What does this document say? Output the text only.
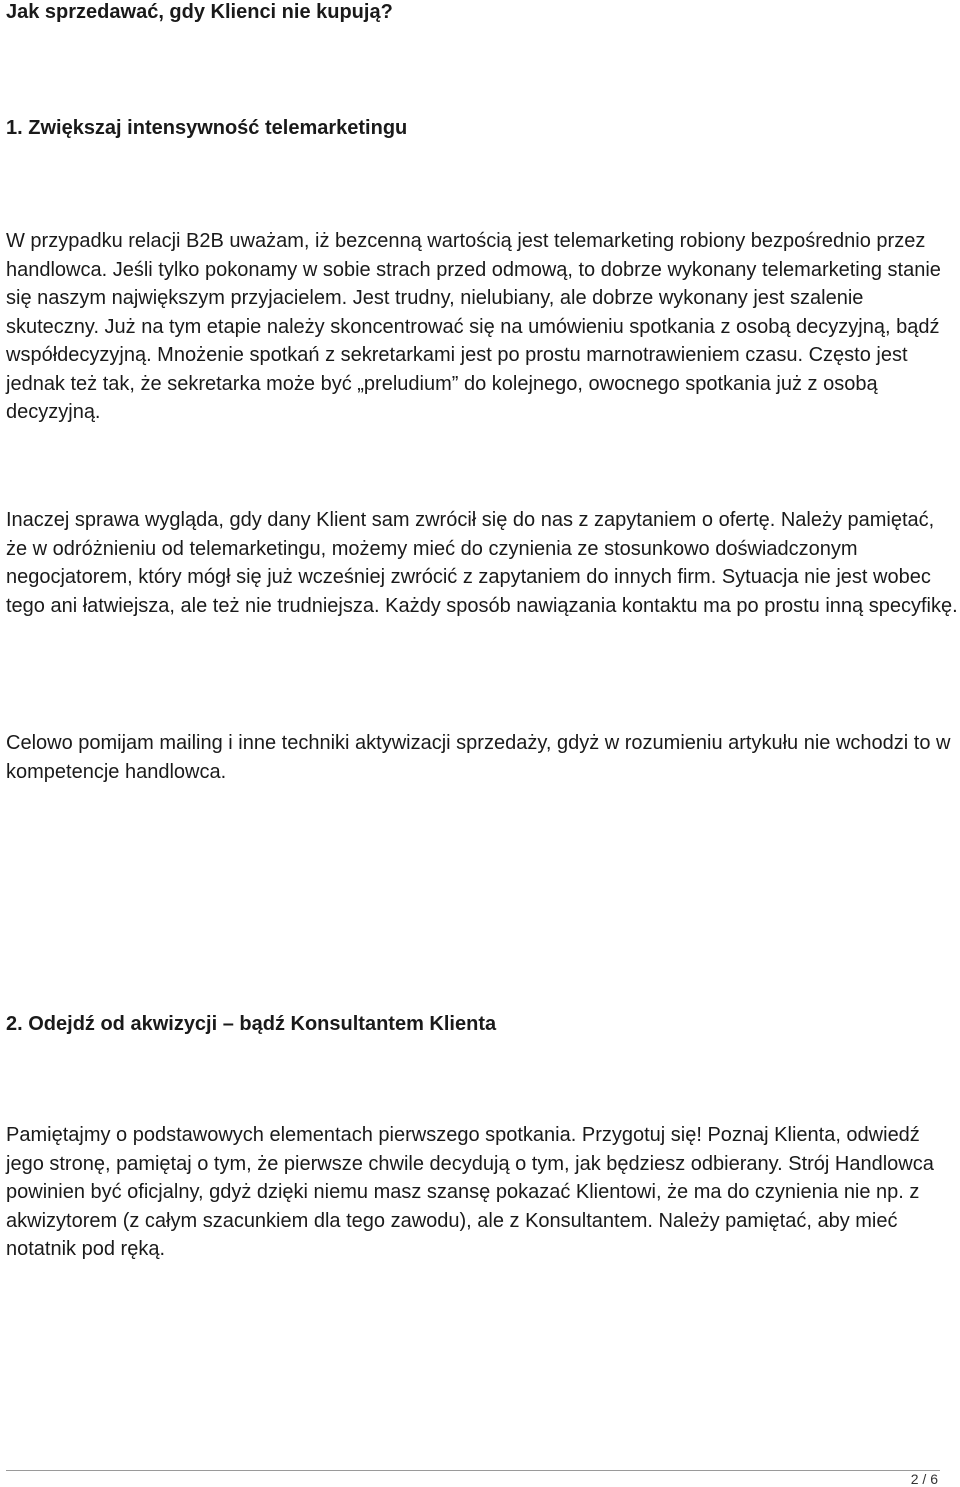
Jak sprzedawać, gdy Klienci nie kupują?
1. Zwiększaj intensywność telemarketingu

W przypadku relacji B2B uważam, iż bezcenną wartością jest telemarketing robiony bezpośrednio przez handlowca. Jeśli tylko pokonamy w sobie strach przed odmową, to dobrze wykonany telemarketing stanie się naszym największym przyjacielem. Jest trudny, nielubiany, ale dobrze wykonany jest szalenie skuteczny. Już na tym etapie należy skoncentrować się na umówieniu spotkania z osobą decyzyjną, bądź współdecyzyjną. Mnożenie spotkań z sekretarkami jest po prostu marnotrawieniem czasu. Często jest jednak też tak, że sekretarka może być „preludium” do kolejnego, owocnego spotkania już z osobą decyzyjną.

Inaczej sprawa wygląda, gdy dany Klient sam zwrócił się do nas z zapytaniem o ofertę. Należy pamiętać, że w odróżnieniu od telemarketingu, możemy mieć do czynienia ze stosunkowo doświadczonym negocjatorem, który mógł się już wcześniej zwrócić z zapytaniem do innych firm. Sytuacja nie jest wobec tego ani łatwiejsza, ale też nie trudniejsza. Każdy sposób nawiązania kontaktu ma po prostu inną specyfikę.

Celowo pomijam mailing i inne techniki aktywizacji sprzedaży, gdyż w rozumieniu artykułu nie wchodzi to w kompetencje handlowca.

2. Odejdź od akwizycji – bądź Konsultantem Klienta

Pamiętajmy o podstawowych elementach pierwszego spotkania. Przygotuj się! Poznaj Klienta, odwiedź jego stronę, pamiętaj o tym, że pierwsze chwile decydują o tym, jak będziesz odbierany. Strój Handlowca powinien być oficjalny, gdyż dzięki niemu masz szansę pokazać Klientowi, że ma do czynienia nie np. z akwizytorem (z całym szacunkiem dla tego zawodu), ale z Konsultantem. Należy pamiętać, aby mieć notatnik pod ręką.

2 / 6
